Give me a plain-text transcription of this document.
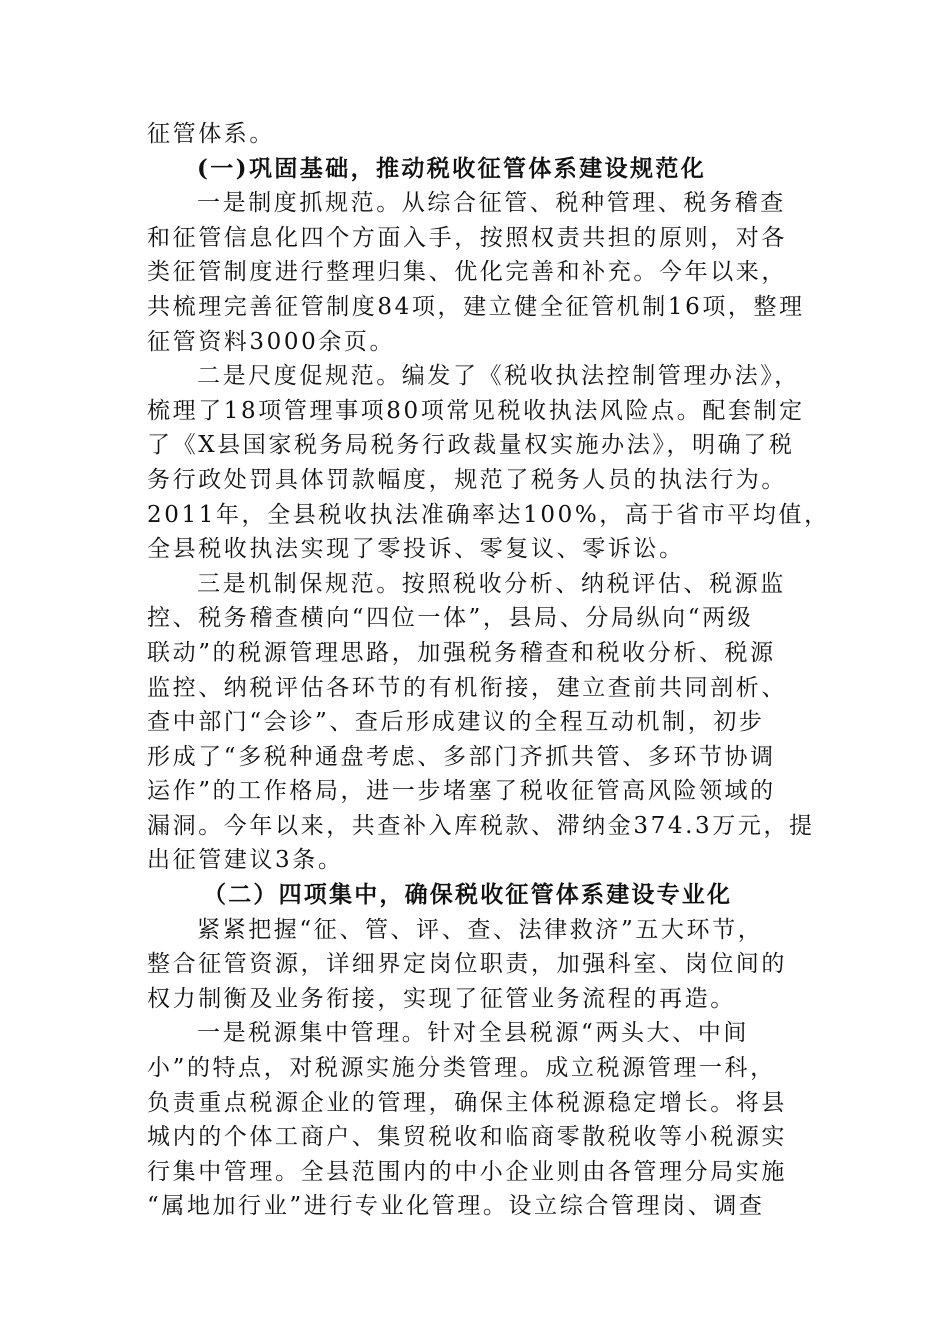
征管体系。
(一)巩固基础，推动税收征管体系建设规范化
一是制度抓规范。从综合征管、税种管理、税务稽查
和征管信息化四个方面入手，按照权责共担的原则，对各
类征管制度进行整理归集、优化完善和补充。今年以来，
共梳理完善征管制度84项，建立健全征管机制16项，整理
征管资料3000余页。
二是尺度促规范。编发了《税收执法控制管理办法》，
梳理了18项管理事项80项常见税收执法风险点。配套制定
了《X县国家税务局税务行政裁量权实施办法》，明确了税
务行政处罚具体罚款幅度，规范了税务人员的执法行为。
2011年，全县税收执法准确率达100%，高于省市平均值，
全县税收执法实现了零投诉、零复议、零诉讼。
三是机制保规范。按照税收分析、纳税评估、税源监
控、税务稽查横向“四位一体”，县局、分局纵向“两级
联动”的税源管理思路，加强税务稽查和税收分析、税源
监控、纳税评估各环节的有机衔接，建立查前共同剖析、
查中部门“会诊”、查后形成建议的全程互动机制，初步
形成了“多税种通盘考虑、多部门齐抓共管、多环节协调
运作”的工作格局，进一步堵塞了税收征管高风险领域的
漏洞。今年以来，共查补入库税款、滞纳金374.3万元，提
出征管建议3条。
（二）四项集中，确保税收征管体系建设专业化
紧紧把握“征、管、评、查、法律救济”五大环节，
整合征管资源，详细界定岗位职责，加强科室、岗位间的
权力制衡及业务衔接，实现了征管业务流程的再造。
一是税源集中管理。针对全县税源“两头大、中间
小”的特点，对税源实施分类管理。成立税源管理一科，
负责重点税源企业的管理，确保主体税源稳定增长。将县
城内的个体工商户、集贸税收和临商零散税收等小税源实
行集中管理。全县范围内的中小企业则由各管理分局实施
“属地加行业”进行专业化管理。设立综合管理岗、调查
